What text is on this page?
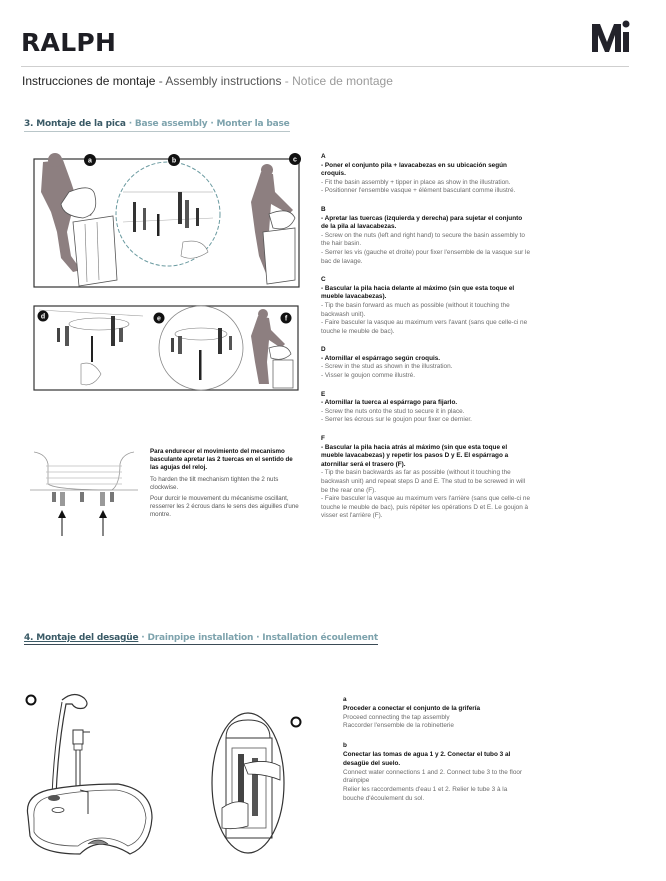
RALPH
Instrucciones de montaje - Assembly instructions - Notice de montage
3. Montaje de la pica · Base assembly · Monter la base
a	b	c
d	e	f

Para endurecer el movimiento del mecanismo basculante apretar las 2 tuercas en el sentido de las agujas del reloj.

To harden the tilt mechanism tighten the 2 nuts clockwise.

Pour durcir le mouvement du mécanisme oscillant, resserrer les 2 écrous dans le sens des aiguilles d'une montre.

A
- Poner el conjunto pila + lavacabezas en su ubicación según croquis.
- Fit the basin assembly + tipper in place as show in the illustration.
- Positionner l'ensemble vasque + élément basculant comme illustré.
B
- Apretar las tuercas (izquierda y derecha) para sujetar el conjunto de la pila al lavacabezas.
- Screw on the nuts (left and right hand) to secure the basin assembly to the hair basin.
- Serrer les vis (gauche et droite) pour fixer l'ensemble de la vasque sur le bac de lavage.
C
- Bascular la pila hacia delante al máximo (sin que esta toque el mueble lavacabezas).
- Tip the basin forward as much as possible (without it touching the backwash unit).
- Faire basculer la vasque au maximum vers l'avant (sans que celle-ci ne touche le meuble de bac).
D
- Atornillar el espárrago según croquis.
- Screw in the stud as shown in the illustration.
- Visser le goujon comme illustré.
E
- Atornillar la tuerca al espárrago para fijarlo.
- Screw the nuts onto the stud to secure it in place.
- Serrer les écrous sur le goujon pour fixer ce dernier.
F
- Bascular la pila hacia atrás al máximo (sin que esta toque el mueble lavacabezas) y repetir los pasos D y E. El espárrago a atornillar será el trasero (F).
- Tip the basin backwards as far as possible (without it touching the backwash unit) and repeat steps D and E. The stud to be screwed in will be the rear one (F).
- Faire basculer la vasque au maximum vers l'arrière (sans que celle-ci ne touche le meuble de bac), puis répéter les opérations D et E. Le goujon à visser est l'arrière (F).
4. Montaje del desagüe · Drainpipe installation · Installation écoulement
a
Proceder a conectar el conjunto de la grifería
Proceed connecting the tap assembly
Raccorder l'ensemble de la robinetterie
b
Conectar las tomas de agua 1 y 2. Conectar el tubo 3 al desagüe del suelo.
Connect water connections 1 and 2. Connect tube 3 to the floor drainpipe
Relier les raccordements d'eau 1 et 2. Relier le tube 3 à la bouche d'écoulement du sol.
